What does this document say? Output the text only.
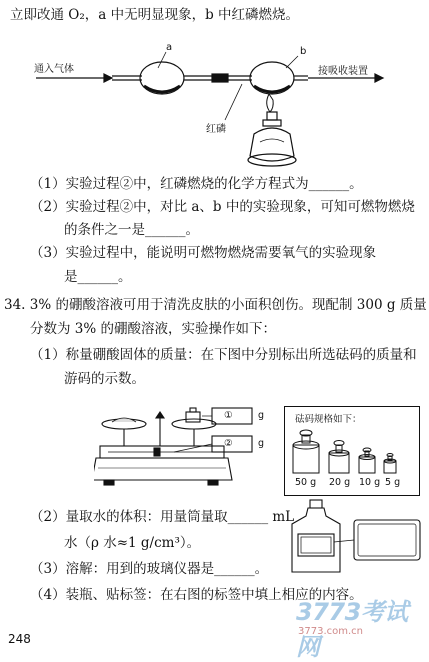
立即改通 O₂，a 中无明显现象，b 中红磷燃烧。
通入气体
a	b
接吸收装置
红磷
（1）实验过程②中，红磷燃烧的化学方程式为______。
（2）实验过程②中，对比 a、b 中的实验现象，可知可燃物燃烧
的条件之一是______。
（3）实验过程中，能说明可燃物燃烧需要氧气的实验现象
是______。
34. 3% 的硼酸溶液可用于清洗皮肤的小面积创伤。现配制 300 g 质量
分数为 3% 的硼酸溶液，实验操作如下：
（1）称量硼酸固体的质量：在下图中分别标出所选砝码的质量和
游码的示数。
①	g
②	g
砝码规格如下：
50 g 20 g 10 g 5 g
（2）量取水的体积：用量筒量取______ mL
水（ρ 水≈1 g/cm³）。
（3）溶解：用到的玻璃仪器是______。
（4）装瓶、贴标签：在右图的标签中填上相应的内容。
3773考试网
3773.com.cn
248
